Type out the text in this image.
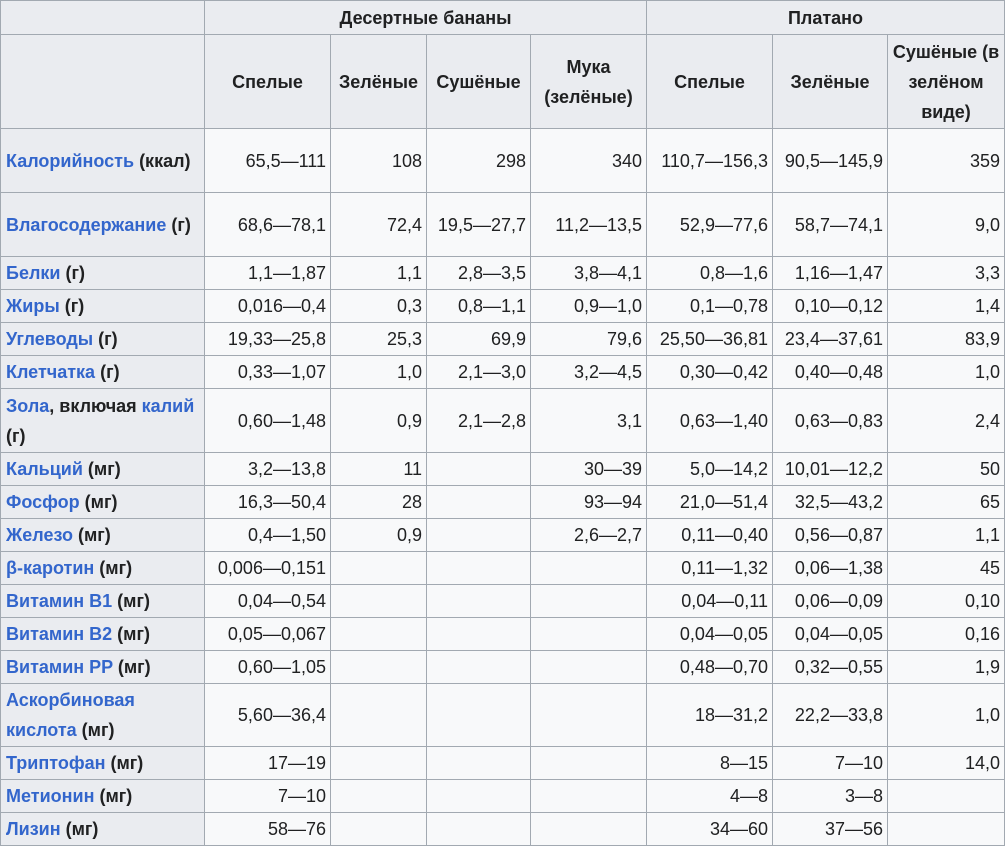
	Десертные бананы				Платано		
	Спелые	Зелёные	Сушёные	Мука (зелёные)	Спелые	Зелёные	Сушёные (в зелёном виде)
Калорийность (ккал)	65,5—111	108	298	340	110,7—156,3	90,5—145,9	359
Влагосодержание (г)	68,6—78,1	72,4	19,5—27,7	11,2—13,5	52,9—77,6	58,7—74,1	9,0
Белки (г)	1,1—1,87	1,1	2,8—3,5	3,8—4,1	0,8—1,6	1,16—1,47	3,3
Жиры (г)	0,016—0,4	0,3	0,8—1,1	0,9—1,0	0,1—0,78	0,10—0,12	1,4
Углеводы (г)	19,33—25,8	25,3	69,9	79,6	25,50—36,81	23,4—37,61	83,9
Клетчатка (г)	0,33—1,07	1,0	2,1—3,0	3,2—4,5	0,30—0,42	0,40—0,48	1,0
Зола, включая калий (г)	0,60—1,48	0,9	2,1—2,8	3,1	0,63—1,40	0,63—0,83	2,4
Кальций (мг)	3,2—13,8	11		30—39	5,0—14,2	10,01—12,2	50
Фосфор (мг)	16,3—50,4	28		93—94	21,0—51,4	32,5—43,2	65
Железо (мг)	0,4—1,50	0,9		2,6—2,7	0,11—0,40	0,56—0,87	1,1
β-каротин (мг)	0,006—0,151				0,11—1,32	0,06—1,38	45
Витамин B1 (мг)	0,04—0,54				0,04—0,11	0,06—0,09	0,10
Витамин B2 (мг)	0,05—0,067				0,04—0,05	0,04—0,05	0,16
Витамин PP (мг)	0,60—1,05				0,48—0,70	0,32—0,55	1,9
Аскорбиновая кислота (мг)	5,60—36,4				18—31,2	22,2—33,8	1,0
Триптофан (мг)	17—19				8—15	7—10	14,0
Метионин (мг)	7—10				4—8	3—8	
Лизин (мг)	58—76				34—60	37—56	
